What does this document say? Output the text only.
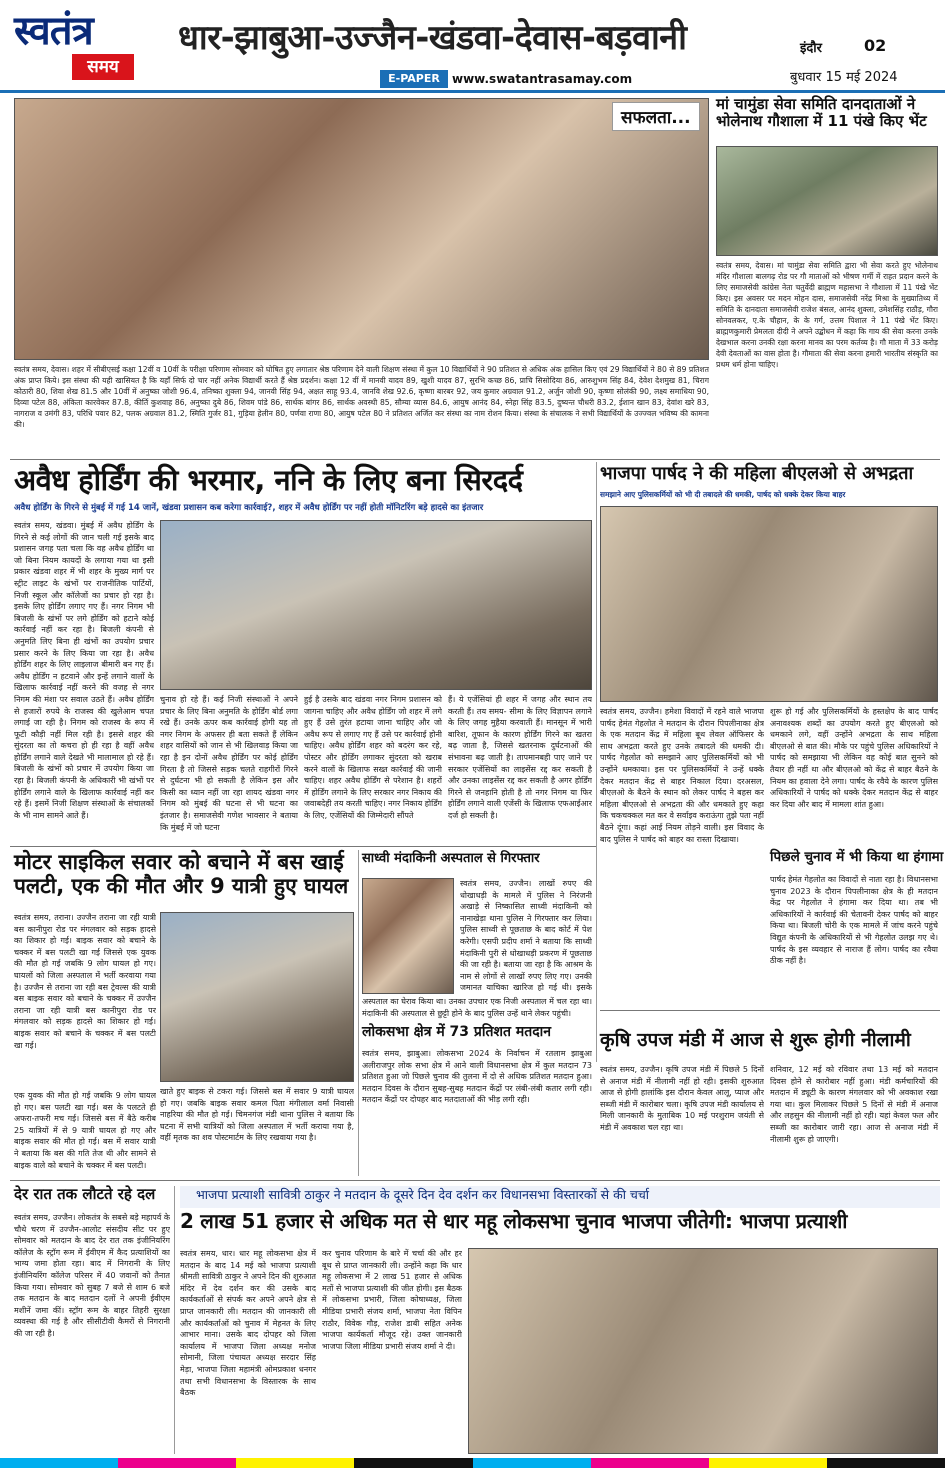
स्वतंत्र
समय
धार-झाबुआ-उज्जैन-खंडवा-देवास-बड़वानी	इंदौर	02
E-PAPER	www.swatantrasamay.com	बुधवार 15 मई 2024
सफलता...
स्वतंत्र समय, देवास। शहर में सीबीएसई कक्षा 12वीं व 10वीं के परीक्षा परिणाम सोमवार को घोषित हुए लगातार श्रेष्ठ परिणाम देने वाली शिक्षण संस्था में कुल 10 विद्यार्थियों ने 90 प्रतिशत से अधिक अंक हासिल किए एवं 29 विद्यार्थियों ने 80 से 89 प्रतिशत अंक प्राप्त किये। इस संस्था की यही खासियत है कि यहाँ सिर्फ दो चार नहीं अनेक विद्यार्थी करते हैं श्रेष्ठ प्रदर्शन। कक्षा 12 वीं में मानवी यादव 89, खुशी यादव 87, सुरभि कच्छ 86, प्राचि सिसोदिया 86, आरुशुभम सिंह 84, देवेश देशमुख 81, चिराग कोठारी 80, शिवा शेख 81.5 और 10वीं में अनुष्का जोशी 96.4, तनिष्का शुक्ला 94, जानवी सिंह 94, अक्षत साहू 93.4, जानवि शेख 92.6, कृष्णा बारबर 92, जय कुमार अग्रवाल 91.2, अर्जुन जोशी 90, कृष्णा सोलंकी 90, लक्ष्य समाधिया 90, दिव्या पटेल 88, अंकिता कारवेकर 87.8, कीर्ति कुशवाह 86, अनुष्का दुबे 86, शिवम पांडे 86, सार्थक बांगर 86, सार्थक अवस्थी 85, सौम्या व्यास 84.6, आयुष आनंद 84, स्नेहा सिंह 83.5, दुष्यन्त चौधरी 83.2, ईशान खान 83, देवांश खरे 83, नागराज व उमंगी 83, परिधि पवार 82, पलक अग्रवाल 81.2, स्मिति गुर्जर 81, गुड़िया हेलीन 80, पर्णवा राणा 80, आयुष पटेल 80 ने प्रतिशत अर्जित कर संस्था का नाम रोशन किया। संस्था के संचालक ने सभी विद्यार्थियों के उज्ज्वल भविष्य की कामना की।
मां चामुंडा सेवा समिति दानदाताओं ने भोलेनाथ गौशाला में 11 पंखे किए भेंट
स्वतंत्र समय, देवास। मां चामुंडा सेवा समिति द्वारा भी सेवा करते हुए भोलेनाथ मंदिर गौशाला बालगढ़ रोड पर गौ माताओं को भीषण गर्मी में राहत प्रदान करने के लिए समाजसेवी कांग्रेस नेता चतुर्वेदी ब्राह्मण महासभा ने गौशाला में 11 पंखे भेंट किए। इस अवसर पर मदन मोहन दास, समाजसेवी नरेंद्र मिश्रा के मुख्यातिथ्य में समिति के दानदाता समाजसेवी राजेश बंसल, आनंद शुक्ला, उमेशसिंह राठौड़, गौरा सोनवलकर, ए.के चौहान, के के गर्ग, उत्तम पिशाल ने 11 पंखे भेंट किए। ब्राह्मणकुमारी प्रेमलता दीदी ने अपने उद्बोधन में कहा कि गाय की सेवा करना उनके देखभाल करना उनकी रक्षा करना मानव का परम कर्तव्य है। गौ माता में 33 करोड़ देवी देवताओं का वास होता है। गौमाता की सेवा करना हमारी भारतीय संस्कृति का प्रथम धर्म होना चाहिए।
अवैध होर्डिंग की भरमार, ननि के लिए बना सिरदर्द
अवैध होर्डिंग के गिरने से मुंबई में गई 14 जानें, खंडवा प्रशासन कब करेगा कार्रवाई?, शहर में अवैध होर्डिंग पर नहीं होती मॉनिटरिंग बड़े हादसे का इंतजार
स्वतंत्र समय, खंडवा। मुंबई में अवैध होर्डिंग के गिरने से कई लोगों की जान चली गई इसके बाद प्रशासन जगह पता चला कि वह अवैध होर्डिंग था जो बिना नियम कायदों के लगाया गया था इसी प्रकार खंडवा शहर में भी शहर के मुख्य मार्ग पर स्ट्रीट लाइट के खंभों पर राजनीतिक पार्टियों, निजी स्कूल और कॉलेजों का प्रचार हो रहा है। इसके लिए होर्डिंग लगाए गए हैं। नगर निगम भी बिजली के खंभों पर लगे होर्डिंग को हटाने कोई कार्रवाई नहीं कर रहा है। बिजली कंपनी से अनुमति लिए बिना ही खंभों का उपयोग प्रचार प्रसार करने के लिए किया जा रहा है। अवैध होर्डिंग शहर के लिए लाइलाज बीमारी बन गए हैं। अवैध होर्डिंग न हटवाने और इन्हें लगाने वालों के खिलाफ कार्रवाई नहीं करने की वजह से नगर निगम की मंशा पर सवाल उठते हैं। अवैध होर्डिंग से हजारों रुपये के राजस्व की खुलेआम चपत लगाई जा रही है। निगम को राजस्व के रूप में फूटी कौड़ी नहीं मिल रही है। इससे शहर की सुंदरता का तो कचरा हो ही रहा है वहीं अवैध होर्डिंग लगाने वाले देखते भी मालामाल हो रहे हैं। बिजली के खंभों को प्रचार में उपयोग किया जा रहा है। बिजली कंपनी के अधिकारी भी खंभों पर होर्डिंग लगाने वाले के खिलाफ कार्रवाई नहीं कर रहे हैं। इसमें निजी शिक्षण संस्थाओं के संचालकों के भी नाम सामने आते हैं।
चुनाव हो रहे हैं। कई निजी संस्थाओं ने अपने प्रचार के लिए बिना अनुमति के होर्डिंग बोर्ड लगा रखे हैं। उनके ऊपर कब कार्रवाई होगी यह तो नगर निगम के अफसर ही बता सकते हैं लेकिन शहर वासियों को जान से भी खिलवाड़ किया जा रहा है इन दोनों अवैध होर्डिंग पर कोई होर्डिंग गिरता है तो जिससे सड़क चलते राहगीरों गिरने से दुर्घटना भी हो सकती है लेकिन इस और किसी का ध्यान नहीं जा रहा शायद खंडवा नगर निगम को मुंबई की घटना से भी घटना का इंतजार है। समाजसेवी गणेश भावसार ने बताया कि मुंबई में जो घटना
हुई है उसके बाद खंडवा नगर निगम प्रशासन को जागना चाहिए और अवैध होर्डिंग जो शहर में लगे हुए हैं उसे तुरंत हटाया जाना चाहिए और जो अवैध रूप से लगाए गए हैं उसे पर कार्रवाई होनी चाहिए। अवैध होर्डिंग शहर को बदरंग कर रहे, पोस्टर और होर्डिंग लगाकर सुंदरता को खराब करने वालों के खिलाफ सख्त कार्रवाई की जानी चाहिए। शहर अवैध होर्डिंग से परेशान है। शहरों में होर्डिंग लगाने के लिए सरकार नगर निकाय की जवाबदेही तय करती चाहिए। नगर निकाय होर्डिंग के लिए, एजेंसियों की जिम्मेदारी सौंपते
हैं। ये एजेंसियां ही शहर में जगह और स्थान तय करती हैं। तय समय- सीमा के लिए विज्ञापन लगाने के लिए जगह मुहैया करवाती हैं। मानसून में भारी बारिश, तूफान के कारण होर्डिंग गिरने का खतरा बढ़ जाता है, जिससे खतरनाक दुर्घटनाओं की संभावना बढ़ जाती है। तापमानबही पाए जाने पर सरकार एजेंसियों का लाइसेंस रद्द कर सकती है और उनका लाइसेंस रद्द कर सकती है अगर होर्डिंग गिरने से जनहानि होती है तो नगर निगम या फिर होर्डिंग लगाने वाली एजेंसी के खिलाफ एफआईआर दर्ज हो सकती है।
भाजपा पार्षद ने की महिला बीएलओ से अभद्रता
समझाने आए पुलिसकर्मियों को भी दी तबादले की धमकी, पार्षद को धक्के देकर किया बाहर
स्वतंत्र समय, उज्जैन। हमेशा विवादों में रहने वाले भाजपा पार्षद हेमंत गेहलोत ने मतदान के दौरान पिपलीनाका क्षेत्र के एक मतदान केंद्र में महिला बूथ लेवल ऑफिसर के साथ अभद्रता करते हुए उनके तबादले की धमकी दी। पार्षद गेहलोत को समझाने आए पुलिसकर्मियों को भी उन्होंने धमकाया। इस पर पुलिसकर्मियों ने उन्हें धक्के देकर मतदान केंद्र से बाहर निकाल दिया। दरअसल, बीएलओ के बैठने के स्थान को लेकर पार्षद ने बहस कर महिला बीएलओ से अभद्रता की और धमकाते हुए कहा कि चकचक्कल मत कर वे सर्वाइव कराऊंगा तुझे पता नहीं बैठने दूंगा। कहां आई नियम तोड़ने वाली। इस विवाद के बाद पुलिस ने पार्षद को बाहर का रास्ता दिखाया।
शुरू हो गई और पुलिसकर्मियों के हस्तक्षेप के बाद पार्षद अनावश्यक शब्दों का उपयोग करते हुए बीएलओ को धमकाने लगे, वहीं उन्होंने अभद्रता के साथ महिला बीएलओ से बात की। मौके पर पहुंचे पुलिस अधिकारियों ने पार्षद को समझाया भी लेकिन वह कोई बात सुनने को तैयार ही नहीं था और बीएलओ को केंद्र से बाहर बैठने के नियम का हवाला देने लगा। पार्षद के रवैये के कारण पुलिस अधिकारियों ने पार्षद को धक्के देकर मतदान केंद्र से बाहर कर दिया और बाद में मामला शांत हुआ।
पिछले चुनाव में भी किया था हंगामा
पार्षद हेमंत गेहलोत का विवादों से नाता रहा है। विधानसभा चुनाव 2023 के दौरान पिपलीनाका क्षेत्र के ही मतदान केंद्र पर गेहलोत ने हंगामा कर दिया था। तब भी अधिकारियों ने कार्रवाई की चेतावनी देकर पार्षद को बाहर किया था। बिजली चोरी के एक मामले में जांच करने पहुंचे विद्युत कंपनी के अधिकारियों से भी गेहलोत उलझ गए थे। पार्षद के इस व्यवहार से नाराज हैं लोग। पार्षद का रवैया ठीक नहीं है।
मोटर साइकिल सवार को बचाने में बस खाई पलटी, एक की मौत और 9 यात्री हुए घायल
स्वतंत्र समय, तराना। उज्जैन तराना जा रही यात्री बस कानीपुरा रोड पर मंगलवार को सड़क हादसे का शिकार हो गई। बाइक सवार को बचाने के चक्कर में बस पलटी खा गई जिससे एक युवक की मौत हो गई जबकि 9 लोग घायल हो गए। घायलों को जिला अस्पताल में भर्ती करवाया गया है। उज्जैन से तराना जा रही बस ट्रेवल्स की यात्री बस बाइक सवार को बचाने के चक्कर में उज्जैन तराना जा रही यात्री बस कानीपुरा रोड पर मंगलवार को सड़क हादसे का शिकार हो गई। बाइक सवार को बचाने के चक्कर में बस पलटी खा गई।
एक युवक की मौत हो गई जबकि 9 लोग घायल हो गए। बस पलटी खा गई। बस के पलटते ही अफरा-तफरी मच गई। जिससे बस में बैठे करीब 25 यात्रियों में से 9 यात्री घायल हो गए और बाइक सवार की मौत हो गई। बस में सवार यात्री ने बताया कि बस की गति तेज थी और सामने से बाइक वाले को बचाने के चक्कर में बस पलटी।
खाते हुए बाइक से टकरा गई। जिससे बस में सवार 9 यात्री घायल हो गए। जबकि बाइक सवार कमल पिता मंगीलाल वर्मा निवासी नाहरिया की मौत हो गई। चिमनगंज मंडी थाना पुलिस ने बताया कि घटना में सभी यात्रियों को जिला अस्पताल में भर्ती कराया गया है, वहीं मृतक का शव पोस्टमार्टम के लिए रखवाया गया है।
साध्वी मंदाकिनी अस्पताल से गिरफ्तार
स्वतंत्र समय, उज्जैन। लाखों रुपए की धोखाधड़ी के मामले में पुलिस ने निरंजनी अखाड़े से निष्कासित साध्वी मंदाकिनी को नानाखेड़ा थाना पुलिस ने गिरफ्तार कर लिया। पुलिस साध्वी से पूछताछ के बाद कोर्ट में पेश करेगी। एसपी प्रदीप शर्मा ने बताया कि साध्वी मंदाकिनी पुरी से धोखाधड़ी प्रकरण में पूछताछ की जा रही है। बताया जा रहा है कि आश्रम के नाम से लोगों से लाखों रुपए लिए गए। उनकी जमानत याचिका खारिज हो गई थी। इसके
अस्पताल का घेराव किया था। उनका उपचार एक निजी अस्पताल में चल रहा था। मंदाकिनी की अस्पताल से छुट्टी होने के बाद पुलिस उन्हें थाने लेकर पहुंची।
लोकसभा क्षेत्र में 73 प्रतिशत मतदान
स्वतंत्र समय, झाबुआ। लोकसभा 2024 के निर्वाचन में रतलाम झाबुआ अलीराजपुर लोक सभा क्षेत्र में आने वाली विधानसभा क्षेत्र में कुल मतदान 73 प्रतिशत हुआ जो पिछले चुनाव की तुलना में दो से अधिक प्रतिशत मतदान हुआ। मतदान दिवस के दौरान सुबह-सुबह मतदान केंद्रों पर लंबी-लंबी कतार लगी रही। मतदान केंद्रों पर दोपहर बाद मतदाताओं की भीड़ लगी रही।
कृषि उपज मंडी में आज से शुरू होगी नीलामी
स्वतंत्र समय, उज्जैन। कृषि उपज मंडी में पिछले 5 दिनों से अनाज मंडी में नीलामी नहीं हो रही। इसकी शुरुआत आज से होगी हालांकि इस दौरान केवल आलू, प्याज और सब्जी मंडी में कारोबार चला। कृषि उपज मंडी कार्यालय से मिली जानकारी के मुताबिक 10 मई परशुराम जयंती से मंडी में अवकाश चल रहा था।
शनिवार, 12 मई को रविवार तथा 13 मई को मतदान दिवस होने से कारोबार नहीं हुआ। मंडी कर्मचारियों की मतदान में ड्यूटी के कारण मंगलवार को भी अवकाश रखा गया था। कुल मिलाकर पिछले 5 दिनों से मंडी में अनाज और लहसुन की नीलामी नहीं हो रही। यहां केवल फल और सब्जी का कारोबार जारी रहा। आज से अनाज मंडी में नीलामी शुरू हो जाएगी।
देर रात तक लौटते रहे दल
स्वतंत्र समय, उज्जैन। लोकतंत्र के सबसे बड़े महापर्व के चौथे चरण में उज्जैन-आलोट संसदीय सीट पर हुए सोमवार को मतदान के बाद देर रात तक इंजीनियरिंग कॉलेज के स्ट्रॉग रूम में ईवीएम में कैद प्रत्याशियों का भाग्य जमा होता रहा। बाद में निगरानी के लिए इंजीनियरिंग कॉलेज परिसर में 40 जवानों को तैनात किया गया। सोमवार को सुबह 7 बजे से शाम 6 बजे तक मतदान के बाद मतदान दलों ने अपनी ईवीएम मशीनें जमा कीं। स्ट्रॉग रूम के बाहर तिहरी सुरक्षा व्यवस्था की गई है और सीसीटीवी कैमरों से निगरानी की जा रही है।
भाजपा प्रत्याशी सावित्री ठाकुर ने मतदान के दूसरे दिन देव दर्शन कर विधानसभा विस्तारकों से की चर्चा
2 लाख 51 हजार से अधिक मत से धार महू लोकसभा चुनाव भाजपा जीतेगी: भाजपा प्रत्याशी
स्वतंत्र समय, धार। धार महू लोकसभा क्षेत्र में मतदान के बाद 14 मई को भाजपा प्रत्याशी श्रीमती सावित्री ठाकुर ने अपने दिन की शुरुआत मंदिर में देव दर्शन कर की उसके बाद कार्यकर्ताओं से संपर्क कर अपने अपने क्षेत्र से प्राप्त जानकारी ली। मतदान की जानकारी ली और कार्यकर्ताओं को चुनाव में मेहनत के लिए आभार माना। उसके बाद दोपहर को जिला कार्यालय में भाजपा जिला अध्यक्ष मनोज सोमानी, जिला पंचायत अध्यक्ष सरदार सिंह मेड़ा, भाजपा जिला महामंत्री ओमप्रकाश धनगर तथा सभी विधानसभा के विस्तारक के साथ बैठक
कर चुनाव परिणाम के बारे में चर्चा की और हर बूथ से प्राप्त जानकारी ली। उन्होंने कहा कि धार महू लोकसभा में 2 लाख 51 हजार से अधिक मतों से भाजपा प्रत्याशी की जीत होगी। इस बैठक में लोकसभा प्रभारी, जिला कोषाध्यक्ष, जिला मीडिया प्रभारी संजय शर्मा, भाजपा नेता विपिन राठौर, विवेक गौड़, राजेश डाबी सहित अनेक भाजपा कार्यकर्ता मौजूद रहे। उक्त जानकारी भाजपा जिला मीडिया प्रभारी संजय शर्मा ने दी।
